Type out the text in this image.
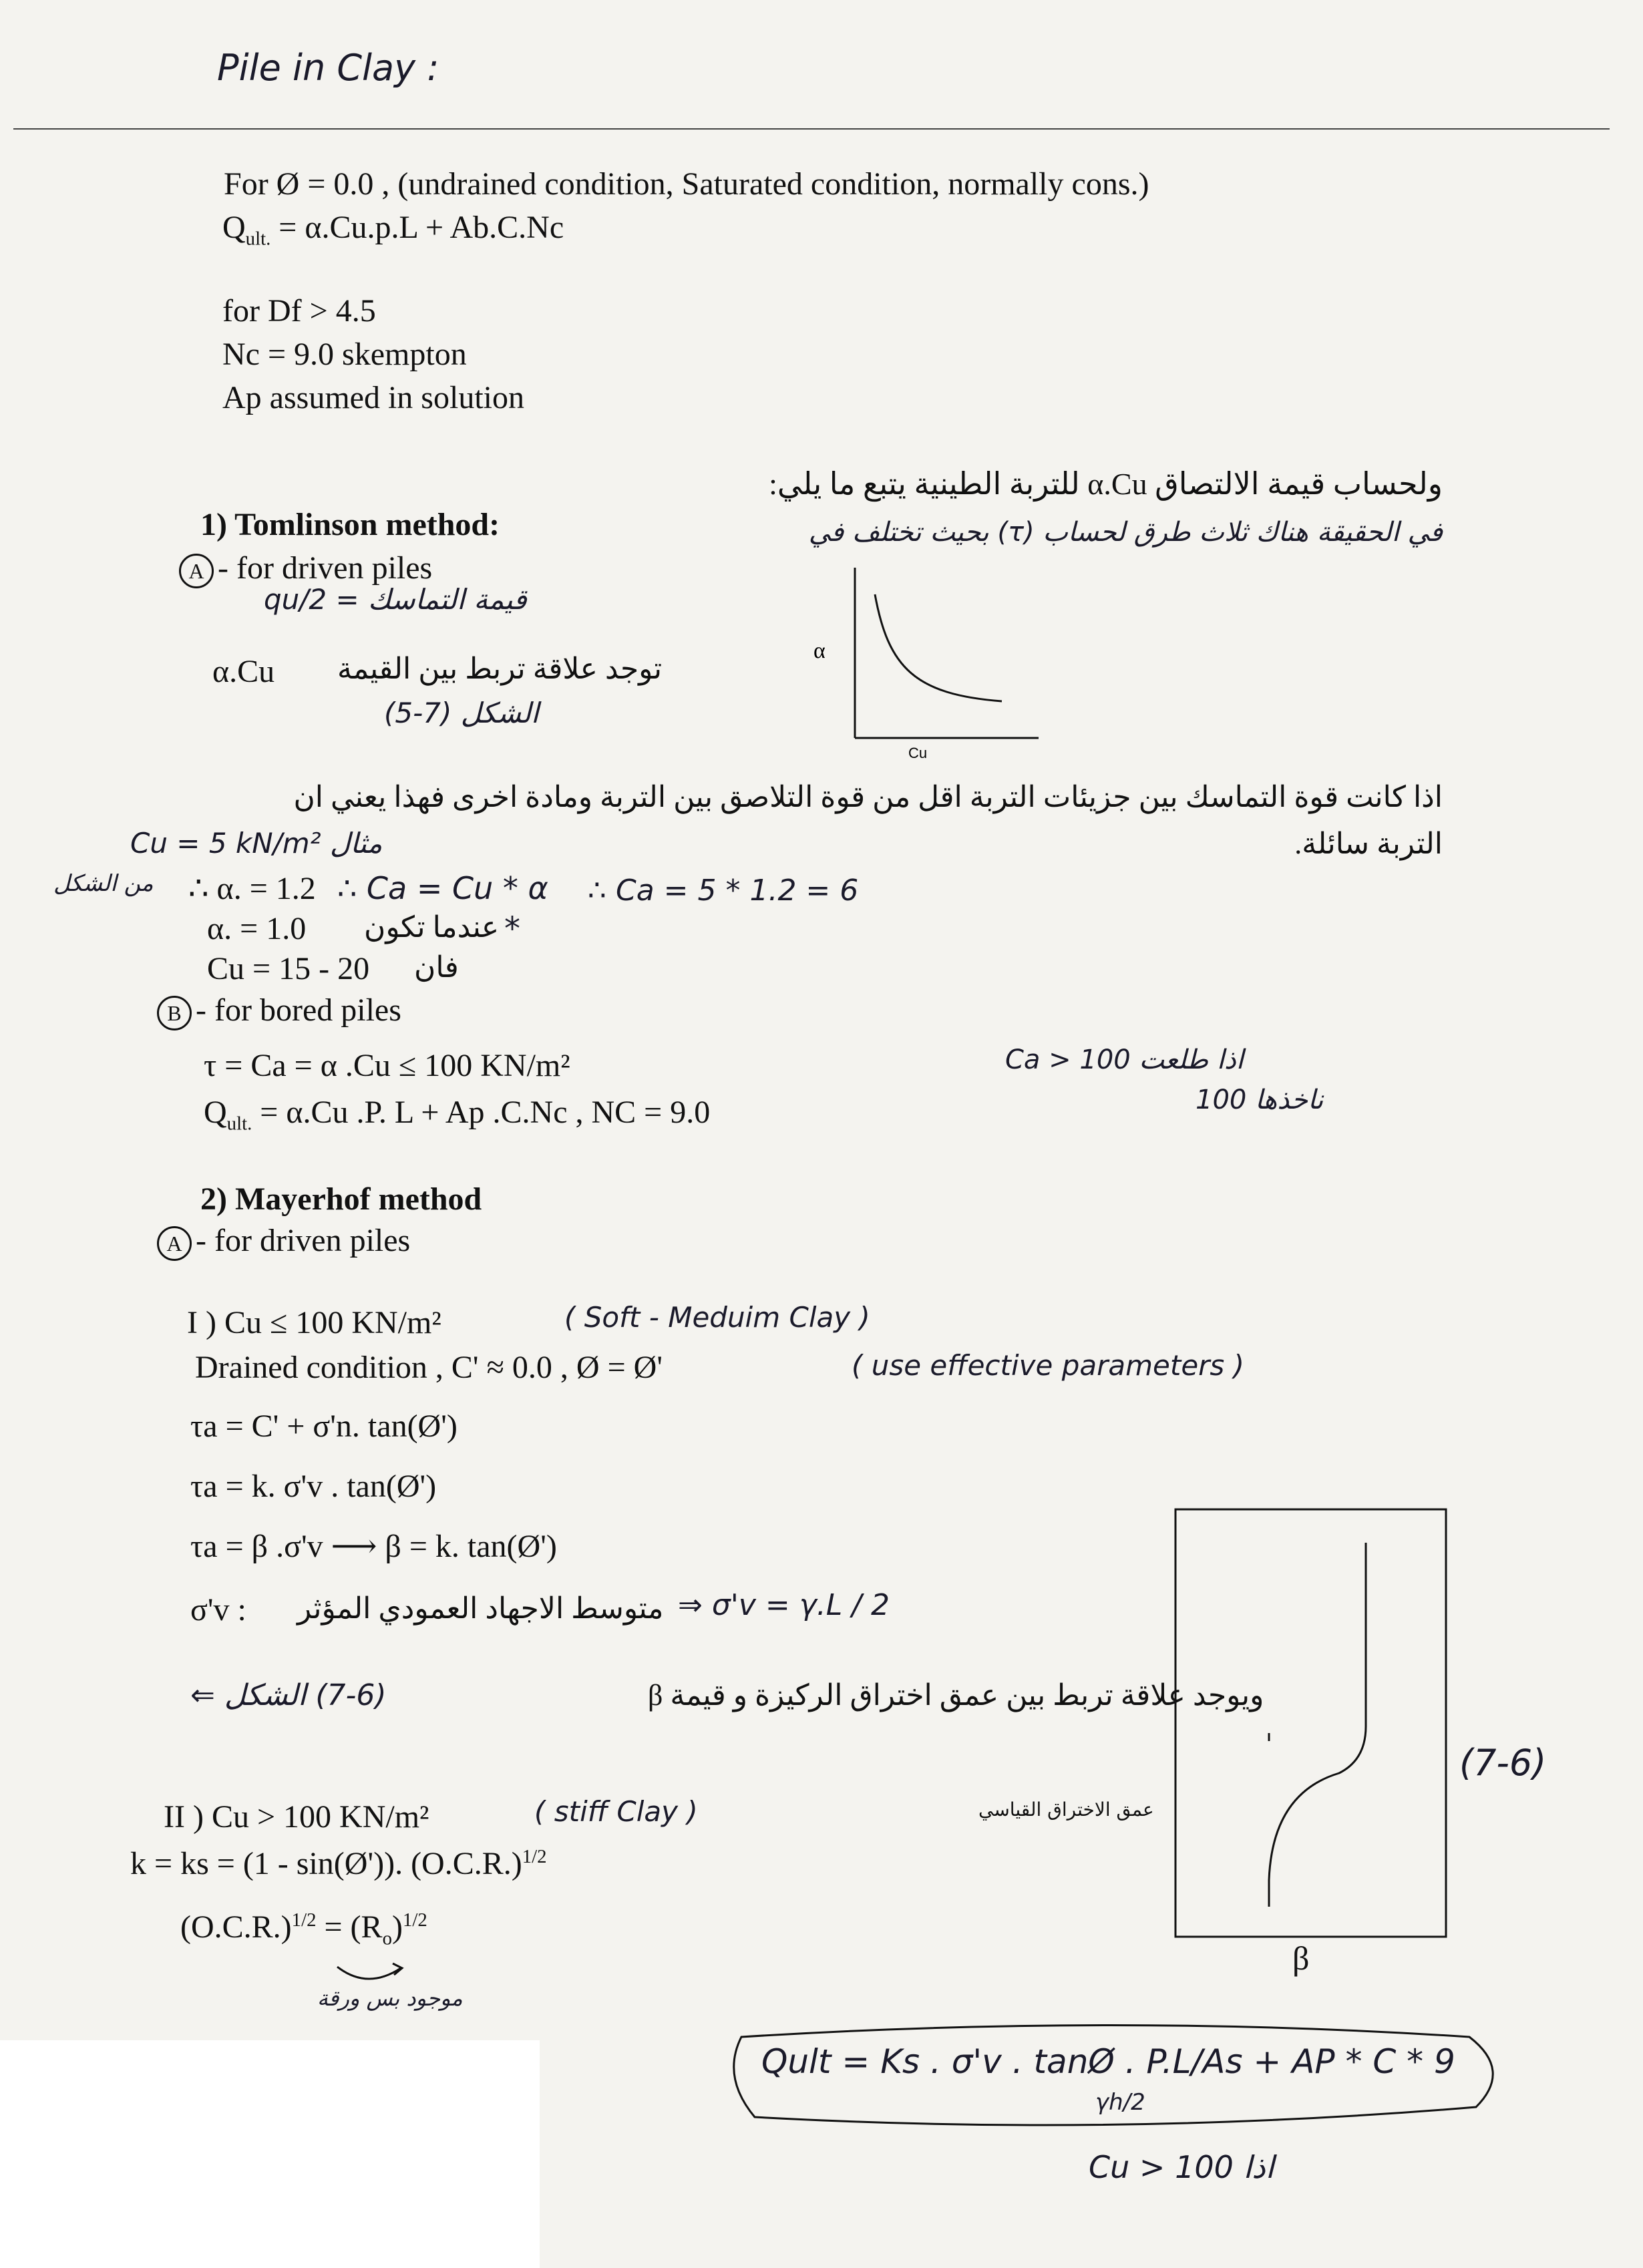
Pile in Clay :
For Ø = 0.0 , (undrained condition, Saturated condition, normally cons.)
$Q_{ult.} = \alpha.Cu.p.L + Ab.C.Nc$
for Df > 4.5
Nc = 9.0 skempton
Ap assumed in solution
ولحساب قيمة الالتصاق α.Cu للتربة الطينية يتبع ما يلي:
في الحقيقة هناك ثلاث طرق لحساب (τ) بحيث تختلف في
1) Tomlinson method:
A - for driven piles
qu/2 = قيمة التماسك
α.Cu توجد علاقة تربط بين القيمة
الشكل (7-5)
α
Cu
اذا كانت قوة التماسك بين جزيئات التربة اقل من قوة التلاصق بين التربة ومادة اخرى فهذا يعني ان
التربة سائلة.
مثال Cu = 5 kN/m²
من الشكل ∴ α. = 1.2 ∴ Ca = Cu * α ∴ Ca = 5 * 1.2 = 6
α. = 1.0 عندما تكون *
Cu = 15 - 20 فان
B - for bored piles
τ = Ca = α .Cu ≤ 100 KN/m²
$Q_{ult.} = \alpha.Cu$ .P. L + Ap .C.Nc , NC = 9.0
اذا طلعت 100 < Ca
ناخذها 100
2) Mayerhof method
A - for driven piles
I ) Cu ≤ 100 KN/m²	( Soft - Meduim Clay )
Drained condition , C' ≈ 0.0 , Ø = Ø'	( use effective parameters )
τa = C' + σ'n. tan(Ø')
τa = k. σ'v . tan(Ø')
τa = β .σ'v ⟶ β = k. tan(Ø')
σ'v : متوسط الاجهاد العمودي المؤثر ⇒ σ'v = γ.L / 2
ويوجد علاقة تربط بين عمق اختراق الركيزة و قيمة β
(7-6) الشكل ⇐
II ) Cu > 100 KN/m²	( stiff Clay )
k = ks = (1 - sin(Ø')). $(O.C.R.)^{1/2}$
$(O.C.R.)^{1/2} = (R_o)^{1/2}$
موجود بس ورقة
عمق الاختراق القياسي
β
(7-6)
Qult = Ks . σ'v . tanØ . P.L/As + AP * C * 9
γh/2
اذا 100 < Cu
